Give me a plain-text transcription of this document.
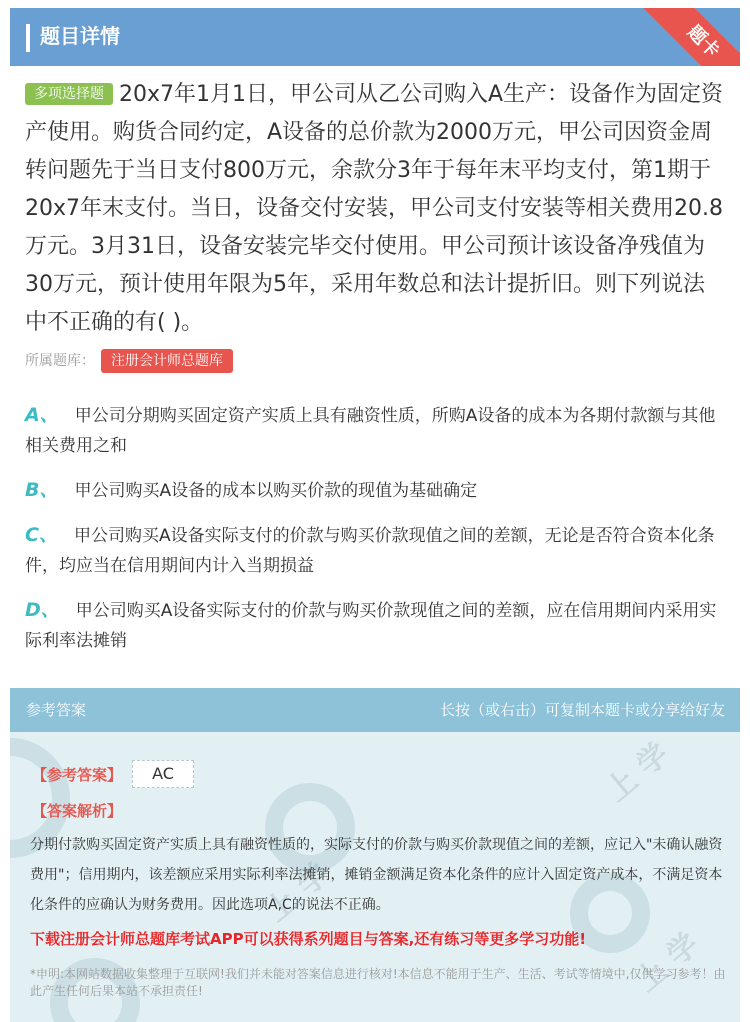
题目详情	题卡
多项选择题 20x7年1月1日，甲公司从乙公司购入A生产：设备作为固定资产使用。购货合同约定，A设备的总价款为2000万元，甲公司因资金周转问题先于当日支付800万元，余款分3年于每年末平均支付，第1期于20x7年末支付。当日，设备交付安装，甲公司支付安装等相关费用20.8万元。3月31日，设备安装完毕交付使用。甲公司预计该设备净残值为30万元，预计使用年限为5年，采用年数总和法计提折旧。则下列说法中不正确的有( )。
所属题库： 注册会计师总题库
A、 甲公司分期购买固定资产实质上具有融资性质，所购A设备的成本为各期付款额与其他相关费用之和
B、 甲公司购买A设备的成本以购买价款的现值为基础确定
C、 甲公司购买A设备实际支付的价款与购买价款现值之间的差额，无论是否符合资本化条件，均应当在信用期间内计入当期损益
D、 甲公司购买A设备实际支付的价款与购买价款现值之间的差额，应在信用期间内采用实际利率法摊销
上 学
上 学
上 学
参考答案	长按（或右击）可复制本题卡或分享给好友
【参考答案】	AC
【答案解析】
分期付款购买固定资产实质上具有融资性质的，实际支付的价款与购买价款现值之间的差额，应记入"未确认融资费用"；信用期内，该差额应采用实际利率法摊销，摊销金额满足资本化条件的应计入固定资产成本，不满足资本化条件的应确认为财务费用。因此选项A,C的说法不正确。
下载注册会计师总题库考试APP可以获得系列题目与答案,还有练习等更多学习功能!
*申明:本网站数据收集整理于互联网!我们并未能对答案信息进行核对!本信息不能用于生产、生活、考试等情境中,仅供学习参考！由此产生任何后果本站不承担责任!
